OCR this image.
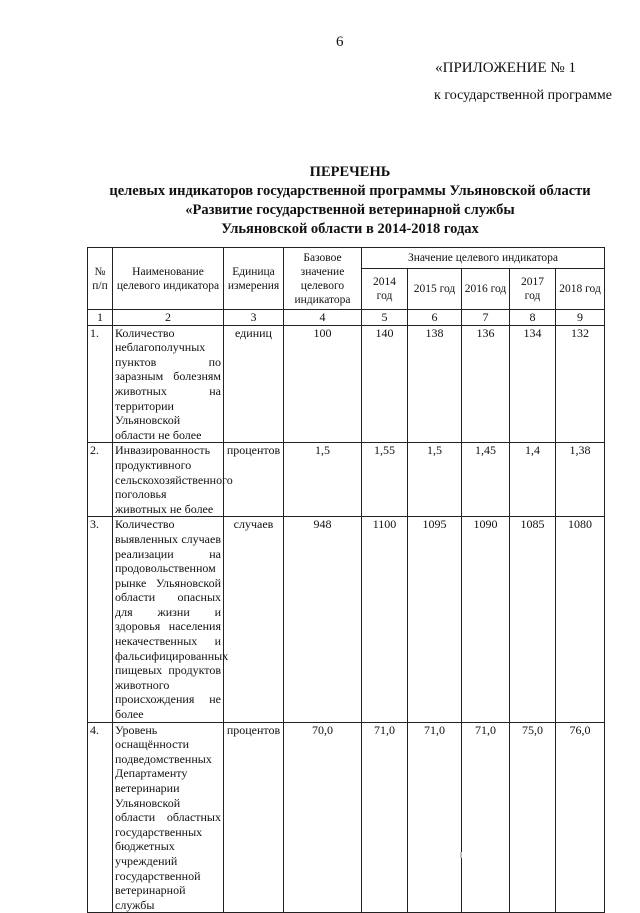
6
«ПРИЛОЖЕНИЕ № 1
к государственной программе
ПЕРЕЧЕНЬ
целевых индикаторов государственной программы Ульяновской области
«Развитие государственной ветеринарной службы
Ульяновской области в 2014-2018 годах
№ п/п	Наименование целевого индикатора	Единица измерения	Базовое значение целевого индикатора	Значение целевого индикатора				
				2014 год	2015 год	2016 год	2017 год	2018 год
1	2	3	4	5	6	7	8	9
1.	Количество неблагополучных пунктов по заразным болезням животных на территории Ульяновской области не более	единиц	100	140	138	136	134	132
2.	Инвазированность продуктивного сельскохозяйственного поголовья животных не более	процентов	1,5	1,55	1,5	1,45	1,4	1,38
3.	Количество выявленных случаев реализации на продовольственном рынке Ульяновской области опасных для жизни и здоровья населения некачественных и фальсифицированных пищевых продуктов животного происхождения не более	случаев	948	1100	1095	1090	1085	1080
4.	Уровень оснащённости подведомственных Департаменту ветеринарии Ульяновской области областных государственных бюджетных учреждений государственной ветеринарной службы	процентов	70,0	71,0	71,0	71,0	75,0	76,0
